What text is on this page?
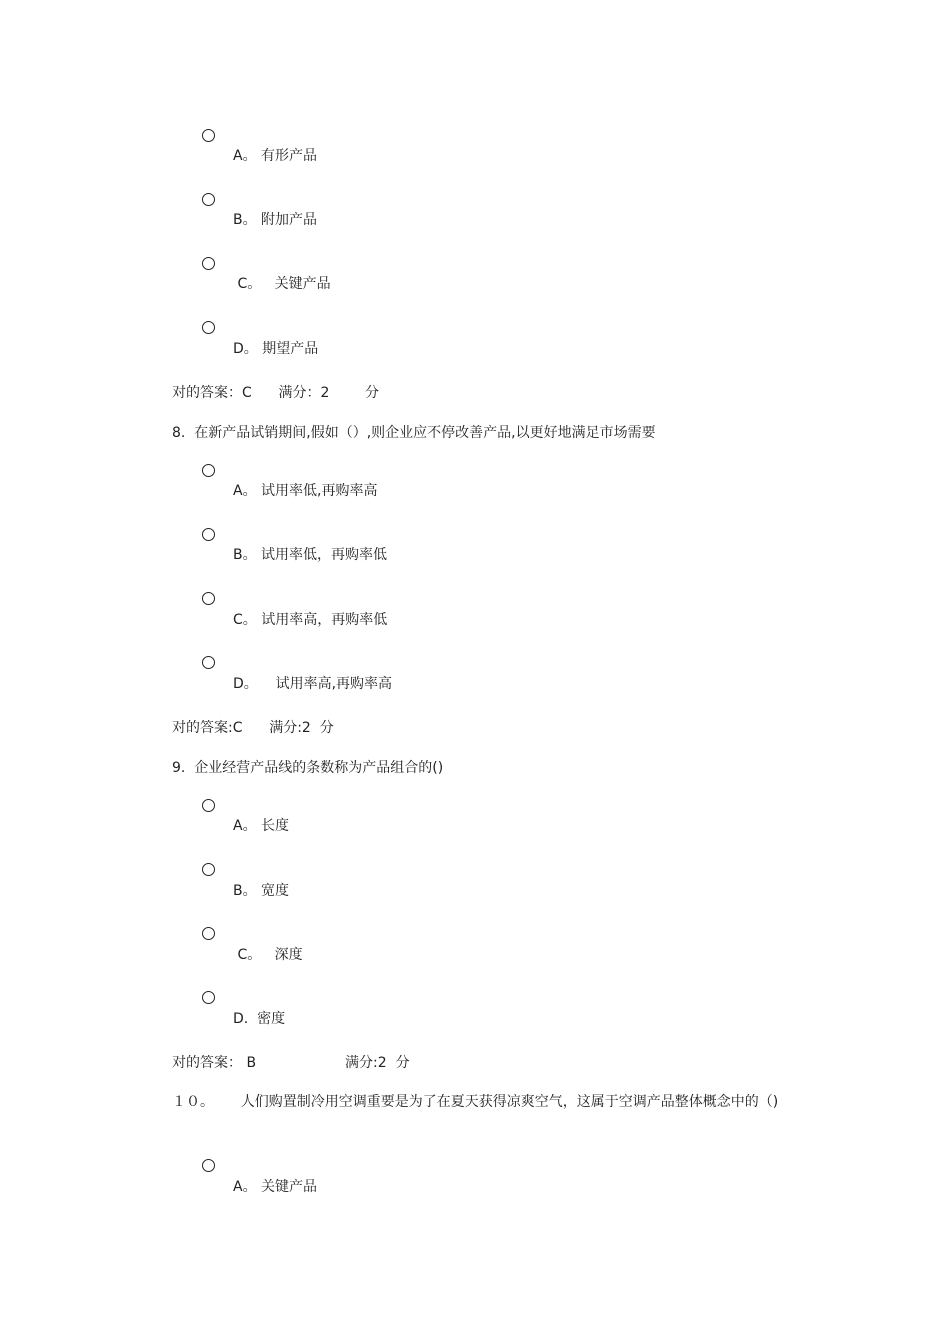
A。 有形产品
B。 附加产品
C。   关键产品
D。 期望产品
对的答案：C      满分：2        分
8.  在新产品试销期间,假如（）,则企业应不停改善产品,以更好地满足市场需要
A。 试用率低,再购率高
B。 试用率低，再购率低
C。 试用率高，再购率低
D。    试用率高,再购率高
对的答案:C      满分:2  分
9.  企业经营产品线的条数称为产品组合的()
A。 长度
B。 宽度
C。   深度
D.  密度
对的答案： B                    满分:2  分
１０。      人们购置制冷用空调重要是为了在夏天获得凉爽空气，这属于空调产品整体概念中的（)
A。 关键产品
